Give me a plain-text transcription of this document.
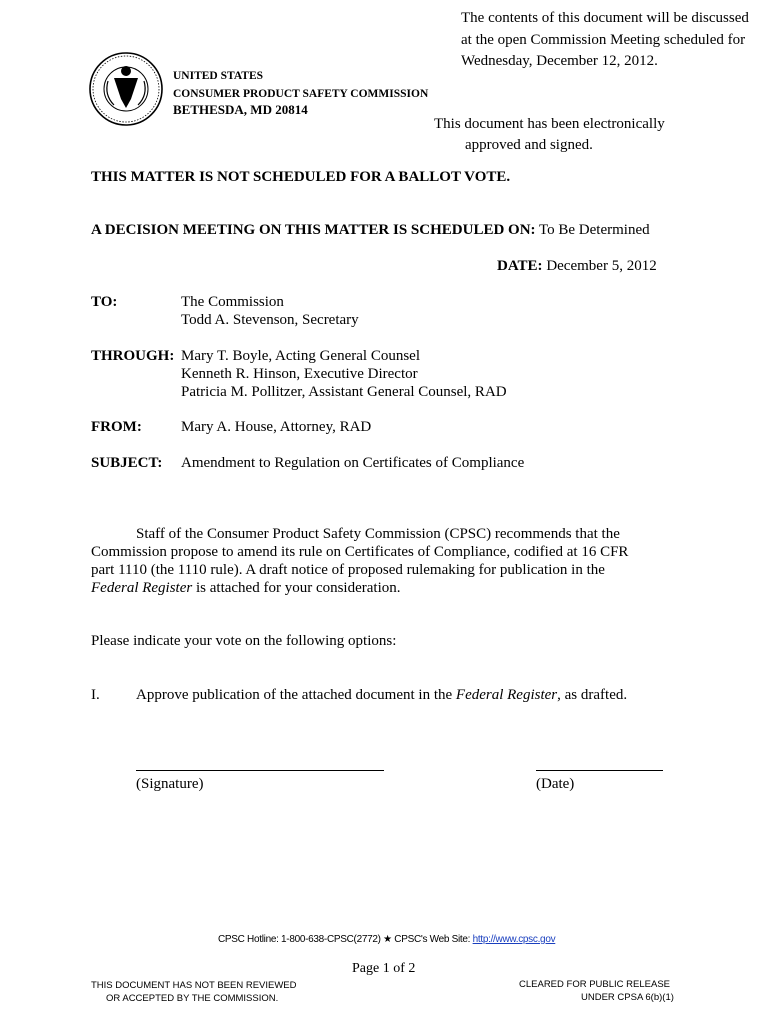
The contents of this document will be discussed
at the open Commission Meeting scheduled for
Wednesday, December 12, 2012.
UNITED STATES
CONSUMER PRODUCT SAFETY COMMISSION
BETHESDA, MD 20814
This document has been electronically
approved and signed.
THIS MATTER IS NOT SCHEDULED FOR A BALLOT VOTE.
A DECISION MEETING ON THIS MATTER IS SCHEDULED ON: To Be Determined
DATE: December 5, 2012
TO:	The Commission
Todd A. Stevenson, Secretary
THROUGH: Mary T. Boyle, Acting General Counsel
Kenneth R. Hinson, Executive Director
Patricia M. Pollitzer, Assistant General Counsel, RAD
FROM:	Mary A. House, Attorney, RAD
SUBJECT: Amendment to Regulation on Certificates of Compliance
Staff of the Consumer Product Safety Commission (CPSC) recommends that the Commission propose to amend its rule on Certificates of Compliance, codified at 16 CFR part 1110 (the 1110 rule). A draft notice of proposed rulemaking for publication in the Federal Register is attached for your consideration.
Please indicate your vote on the following options:
I. Approve publication of the attached document in the Federal Register, as drafted.
(Signature)	(Date)
CPSC Hotline: 1-800-638-CPSC(2772) ★ CPSC's Web Site: http://www.cpsc.gov
Page 1 of 2
THIS DOCUMENT HAS NOT BEEN REVIEWED
OR ACCEPTED BY THE COMMISSION.
CLEARED FOR PUBLIC RELEASE
UNDER CPSA 6(b)(1)
